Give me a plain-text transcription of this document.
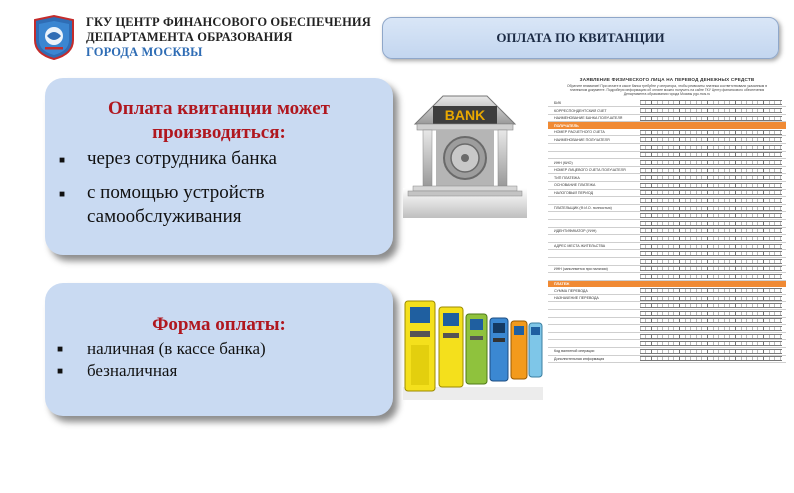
ГКУ ЦЕНТР ФИНАНСОВОГО ОБЕСПЕЧЕНИЯ
ДЕПАРТАМЕНТА ОБРАЗОВАНИЯ
ГОРОДА МОСКВЫ
ОПЛАТА ПО КВИТАНЦИИ
Оплата квитанции может производиться:
■ через сотрудника банка
■ с помощью устройств самообслуживания
Форма оплаты:
■ наличная (в кассе банка)
■ безналичная
BANK
ЗАЯВЛЕНИЕ ФИЗИЧЕСКОГО ЛИЦА НА ПЕРЕВОД ДЕНЕЖНЫХ СРЕДСТВ
Обратите внимание! При оплате в кассе банка требуйте у оператора, чтобы реквизиты платежа соответствовали указанным в платежном документе. Подробную информацию об оплате можно получить на сайте ГКУ Центр финансового обеспечения Департамента образования города Москвы pgu.mos.ru
БИК
КОРРЕСПОНДЕНТСКИЙ СЧЕТ
НАИМЕНОВАНИЕ БАНКА ПОЛУЧАТЕЛЯ
ПОЛУЧАТЕЛЬ
НОМЕР РАСЧЕТНОГО СЧЕТА
НАИМЕНОВАНИЕ ПОЛУЧАТЕЛЯ
ИНН (КИО)
НОМЕР ЛИЦЕВОГО СЧЕТА ПОЛУЧАТЕЛЯ
ТИП ПЛАТЕЖА
ОСНОВАНИЕ ПЛАТЕЖА
НАЛОГОВЫЙ ПЕРИОД
ПЛАТЕЛЬЩИК (Ф.И.О. полностью)
ИДЕНТИФИКАТОР (УИН)
АДРЕС МЕСТА ЖИТЕЛЬСТВА
ИНН (заполняется при наличии)
ПЛАТЕЖ
СУММА ПЕРЕВОДА
НАЗНАЧЕНИЕ ПЕРЕВОДА
Код валютной операции
Дополнительная информация
